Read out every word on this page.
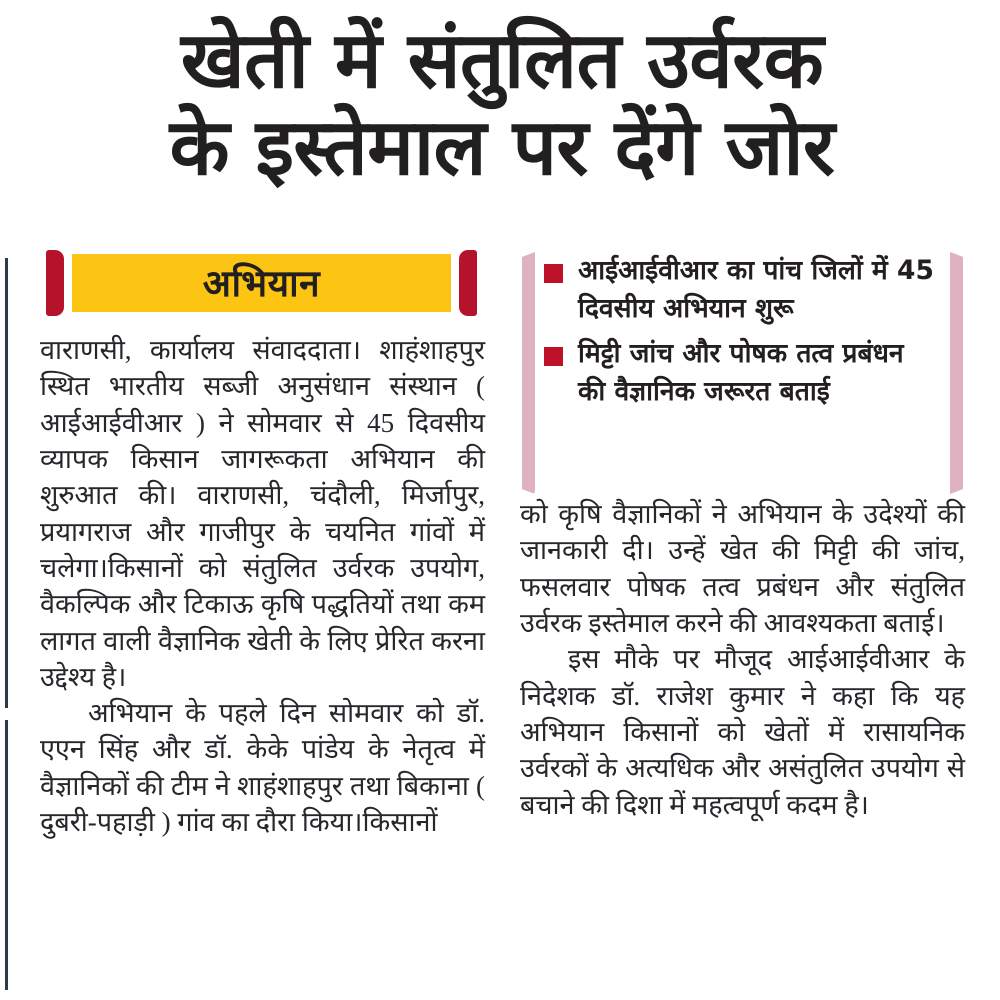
खेती में संतुलित उर्वरक
के इस्तेमाल पर देंगे जोर
अभियान

वाराणसी, कार्यालय संवाददाता। शाहंशाहपुर स्थित भारतीय सब्जी अनुसंधान संस्थान ( आईआईवीआर ) ने सोमवार से 45 दिवसीय व्यापक किसान जागरूकता अभियान की शुरुआत की। वाराणसी, चंदौली, मिर्जापुर, प्रयागराज और गाजीपुर के चयनित गांवों में चलेगा।किसानों को संतुलित उर्वरक उपयोग, वैकल्पिक और टिकाऊ कृषि पद्धतियों तथा कम लागत वाली वैज्ञानिक खेती के लिए प्रेरित करना उद्देश्य है।

अभियान के पहले दिन सोमवार को डॉ. एएन सिंह और डॉ. केके पांडेय के नेतृत्व में वैज्ञानिकों की टीम ने शाहंशाहपुर तथा बिकाना ( दुबरी-पहाड़ी ) गांव का दौरा किया।किसानों

आईआईवीआर का पांच जिलों में 45 दिवसीय अभियान शुरू
मिट्टी जांच और पोषक तत्व प्रबंधन की वैज्ञानिक जरूरत बताई

को कृषि वैज्ञानिकों ने अभियान के उदेश्यों की जानकारी दी। उन्हें खेत की मिट्टी की जांच, फसलवार पोषक तत्व प्रबंधन और संतुलित उर्वरक इस्तेमाल करने की आवश्यकता बताई।

इस मौके पर मौजूद आईआईवीआर के निदेशक डॉ. राजेश कुमार ने कहा कि यह अभियान किसानों को खेतों में रासायनिक उर्वरकों के अत्यधिक और असंतुलित उपयोग से बचाने की दिशा में महत्वपूर्ण कदम है।
